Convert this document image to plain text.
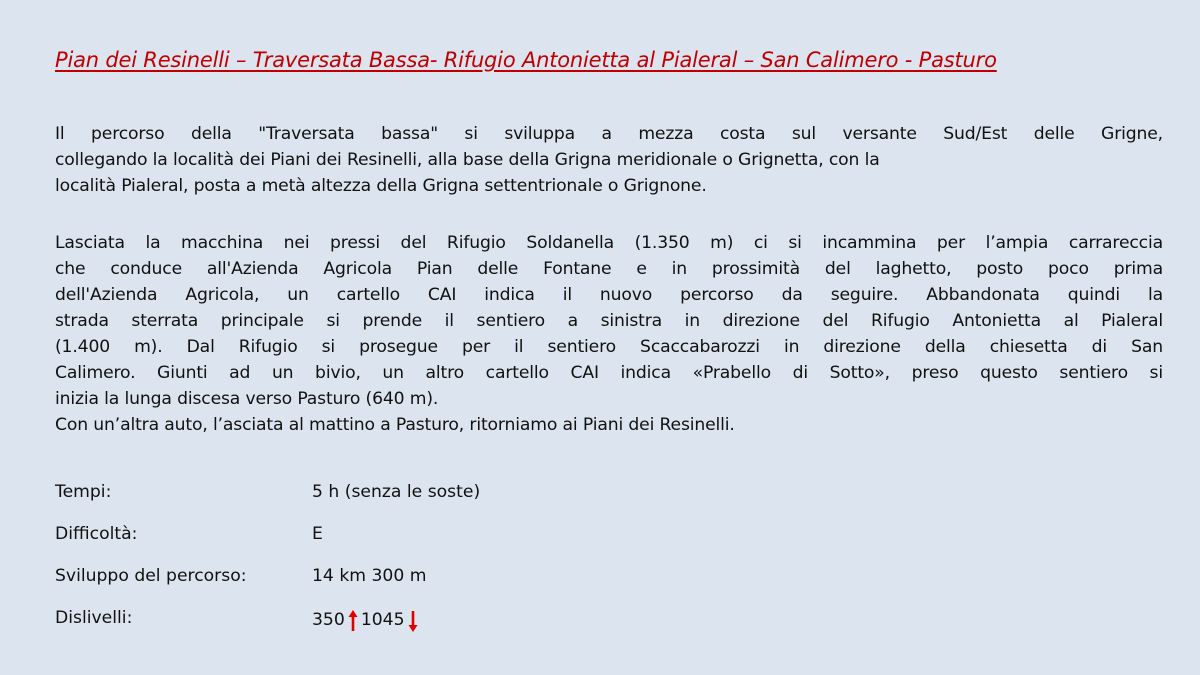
Pian dei Resinelli – Traversata Bassa- Rifugio Antonietta al Pialeral – San Calimero - Pasturo
Il percorso della "Traversata bassa" si sviluppa a mezza costa sul versante Sud/Est delle Grigne,
collegando la località dei Piani dei Resinelli, alla base della Grigna meridionale o Grignetta, con la
località Pialeral, posta a metà altezza della Grigna settentrionale o Grignone.
Lasciata la macchina nei pressi del Rifugio Soldanella (1.350 m) ci si incammina per l’ampia carrareccia
che conduce all'Azienda Agricola Pian delle Fontane e in prossimità del laghetto, posto poco prima
dell'Azienda Agricola, un cartello CAI indica il nuovo percorso da seguire. Abbandonata quindi la
strada sterrata principale si prende il sentiero a sinistra in direzione del Rifugio Antonietta al Pialeral
(1.400 m). Dal Rifugio si prosegue per il sentiero Scaccabarozzi in direzione della chiesetta di San
Calimero. Giunti ad un bivio, un altro cartello CAI indica «Prabello di Sotto», preso questo sentiero si
inizia la lunga discesa verso Pasturo (640 m).
Con un’altra auto, l’asciata al mattino a Pasturo, ritorniamo ai Piani dei Resinelli.
Tempi:	5 h (senza le soste)
Difficoltà:	E
Sviluppo del percorso:	14 km 300 m
Dislivelli:	350 1045
